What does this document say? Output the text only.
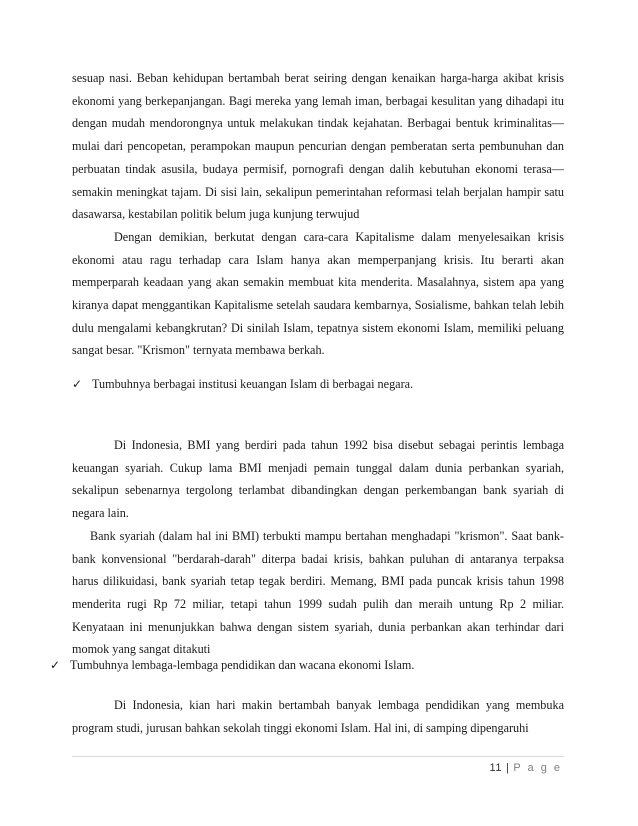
sesuap nasi. Beban kehidupan bertambah berat seiring dengan kenaikan harga-harga akibat krisis ekonomi yang berkepanjangan. Bagi mereka yang lemah iman, berbagai kesulitan yang dihadapi itu dengan mudah mendorongnya untuk melakukan tindak kejahatan. Berbagai bentuk kriminalitas—mulai dari pencopetan, perampokan maupun pencurian dengan pemberatan serta pembunuhan dan perbuatan tindak asusila, budaya permisif, pornografi dengan dalih kebutuhan ekonomi terasa—semakin meningkat tajam. Di sisi lain, sekalipun pemerintahan reformasi telah berjalan hampir satu dasawarsa, kestabilan politik belum juga kunjung terwujud

Dengan demikian, berkutat dengan cara-cara Kapitalisme dalam menyelesaikan krisis ekonomi atau ragu terhadap cara Islam hanya akan memperpanjang krisis. Itu berarti akan memperparah keadaan yang akan semakin membuat kita menderita. Masalahnya, sistem apa yang kiranya dapat menggantikan Kapitalisme setelah saudara kembarnya, Sosialisme, bahkan telah lebih dulu mengalami kebangkrutan? Di sinilah Islam, tepatnya sistem ekonomi Islam, memiliki peluang sangat besar. "Krismon" ternyata membawa berkah.

✓ Tumbuhnya berbagai institusi keuangan Islam di berbagai negara.

Di Indonesia, BMI yang berdiri pada tahun 1992 bisa disebut sebagai perintis lembaga keuangan syariah. Cukup lama BMI menjadi pemain tunggal dalam dunia perbankan syariah, sekalipun sebenarnya tergolong terlambat dibandingkan dengan perkembangan bank syariah di negara lain.

Bank syariah (dalam hal ini BMI) terbukti mampu bertahan menghadapi "krismon". Saat bank-bank konvensional "berdarah-darah" diterpa badai krisis, bahkan puluhan di antaranya terpaksa harus dilikuidasi, bank syariah tetap tegak berdiri. Memang, BMI pada puncak krisis tahun 1998 menderita rugi Rp 72 miliar, tetapi tahun 1999 sudah pulih dan meraih untung Rp 2 miliar. Kenyataan ini menunjukkan bahwa dengan sistem syariah, dunia perbankan akan terhindar dari momok yang sangat ditakuti

✓ Tumbuhnya lembaga-lembaga pendidikan dan wacana ekonomi Islam.

Di Indonesia, kian hari makin bertambah banyak lembaga pendidikan yang membuka program studi, jurusan bahkan sekolah tinggi ekonomi Islam. Hal ini, di samping dipengaruhi

11 | P a g e
